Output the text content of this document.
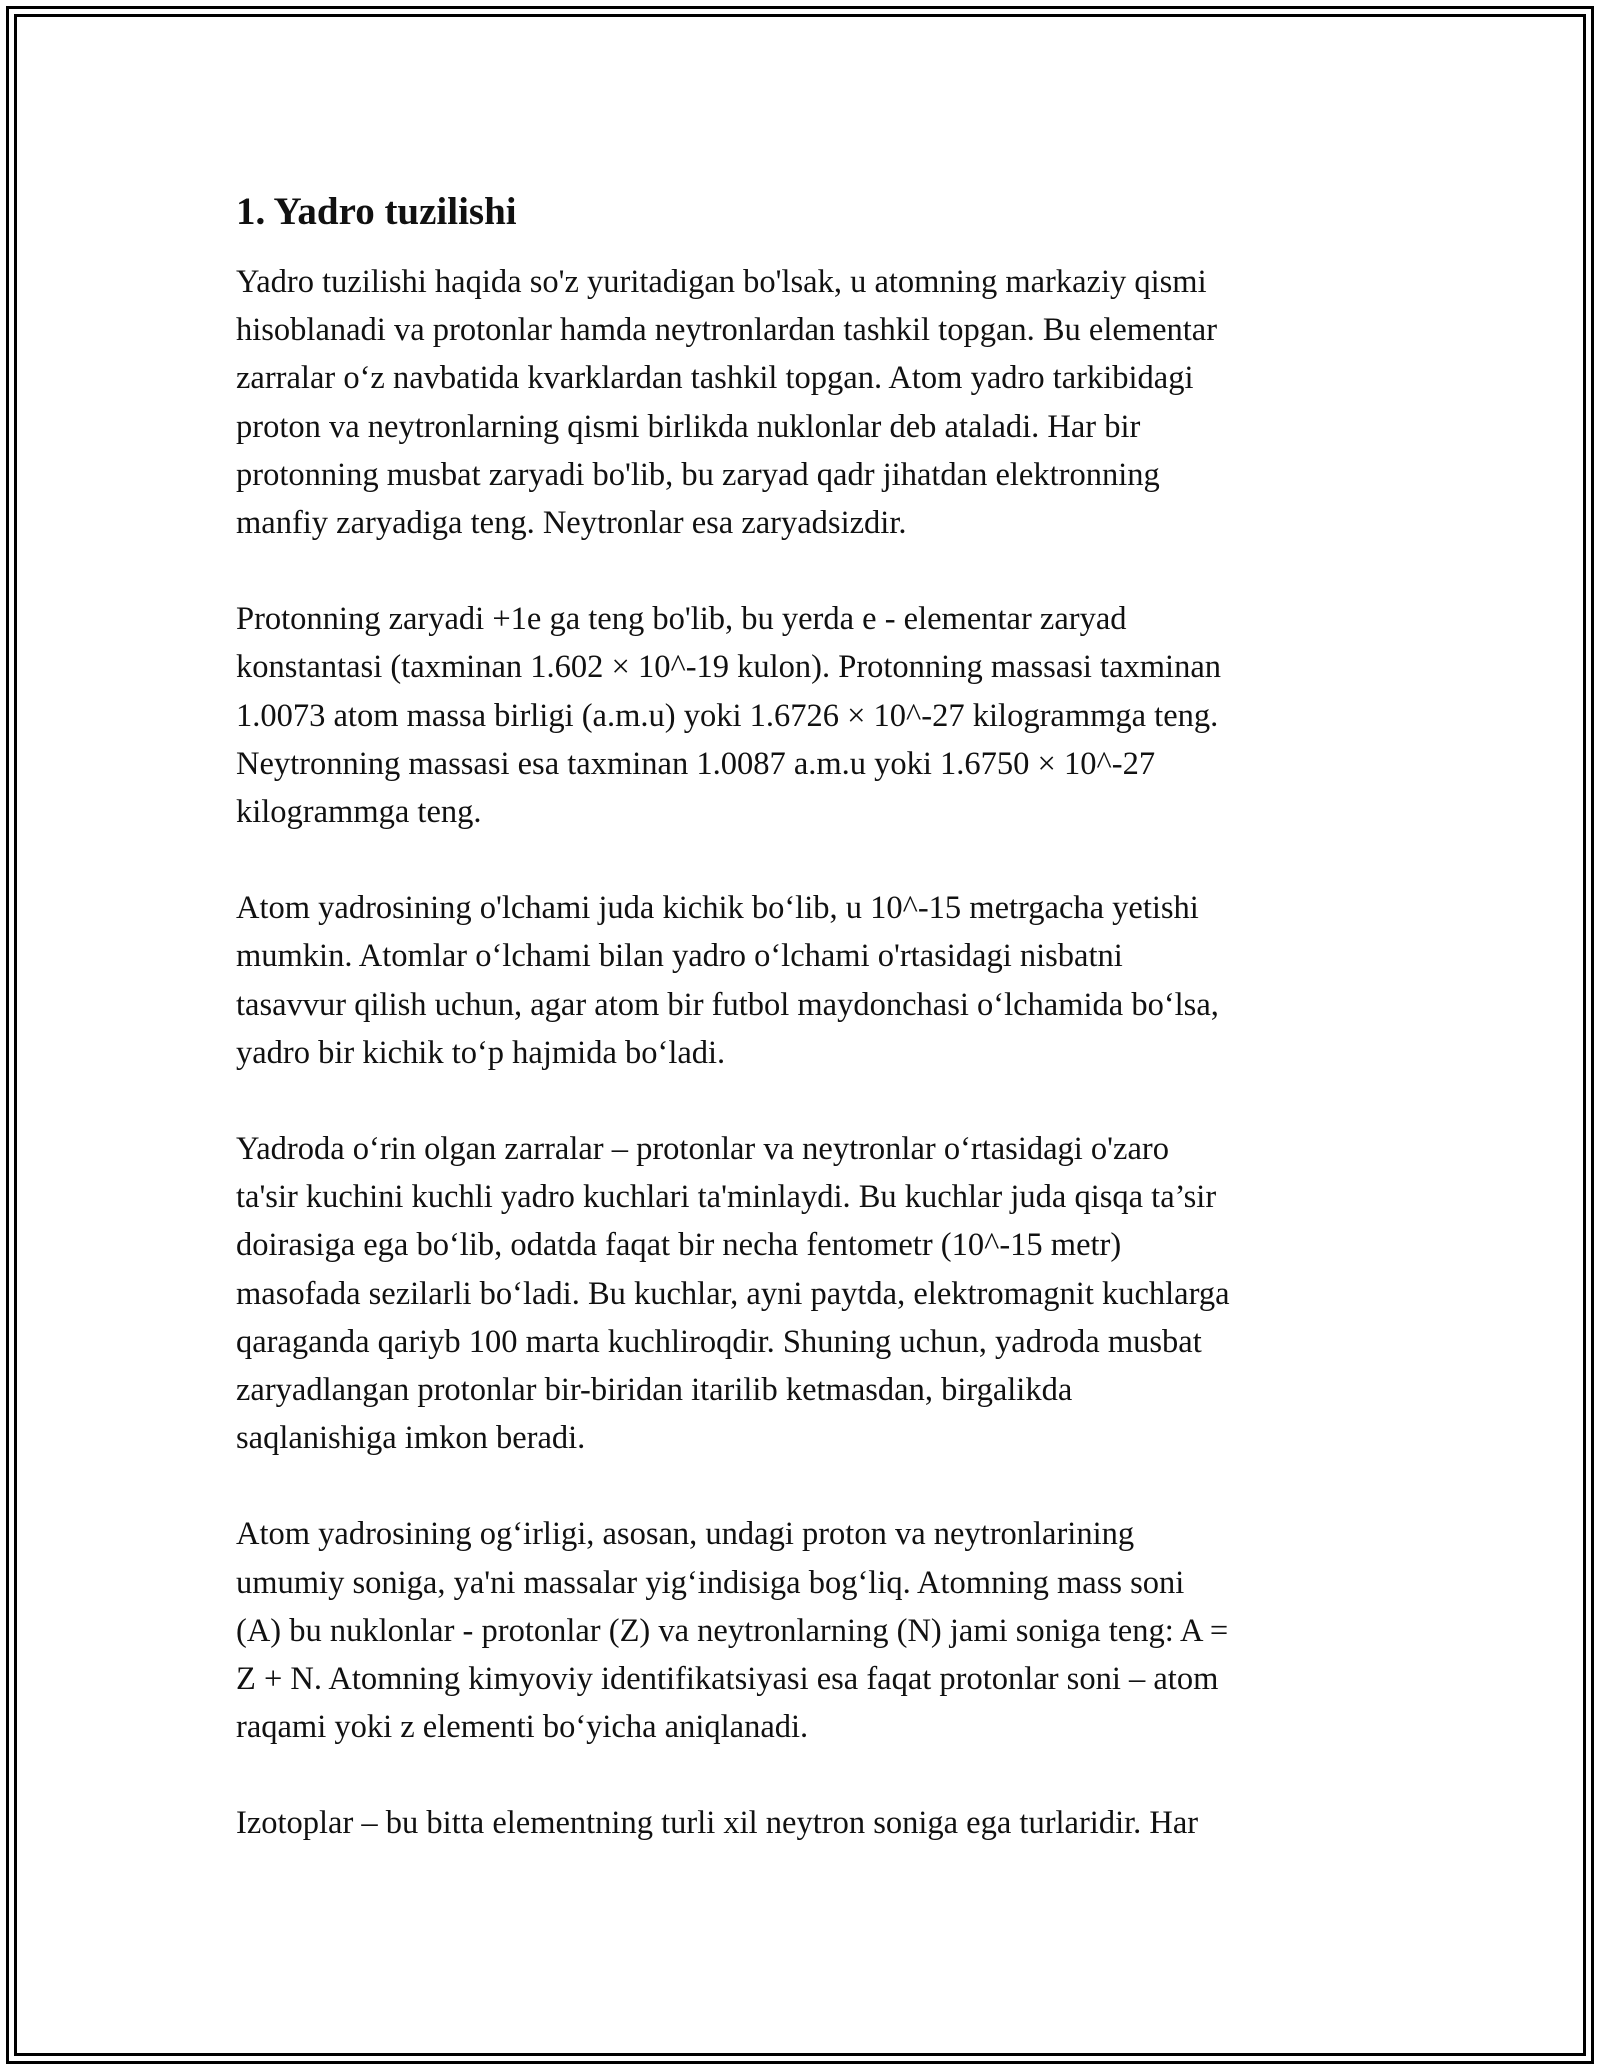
1. Yadro tuzilishi

Yadro tuzilishi haqida so'z yuritadigan bo'lsak, u atomning markaziy qismi
hisoblanadi va protonlar hamda neytronlardan tashkil topgan. Bu elementar
zarralar o‘z navbatida kvarklardan tashkil topgan. Atom yadro tarkibidagi
proton va neytronlarning qismi birlikda nuklonlar deb ataladi. Har bir
protonning musbat zaryadi bo'lib, bu zaryad qadr jihatdan elektronning
manfiy zaryadiga teng. Neytronlar esa zaryadsizdir.

Protonning zaryadi +1e ga teng bo'lib, bu yerda e - elementar zaryad
konstantasi (taxminan 1.602 × 10^-19 kulon). Protonning massasi taxminan
1.0073 atom massa birligi (a.m.u) yoki 1.6726 × 10^-27 kilogrammga teng.
Neytronning massasi esa taxminan 1.0087 a.m.u yoki 1.6750 × 10^-27
kilogrammga teng.

Atom yadrosining o'lchami juda kichik bo‘lib, u 10^-15 metrgacha yetishi
mumkin. Atomlar o‘lchami bilan yadro o‘lchami o'rtasidagi nisbatni
tasavvur qilish uchun, agar atom bir futbol maydonchasi o‘lchamida bo‘lsa,
yadro bir kichik to‘p hajmida bo‘ladi.

Yadroda o‘rin olgan zarralar – protonlar va neytronlar o‘rtasidagi o'zaro
ta'sir kuchini kuchli yadro kuchlari ta'minlaydi. Bu kuchlar juda qisqa ta’sir
doirasiga ega bo‘lib, odatda faqat bir necha fentometr (10^-15 metr)
masofada sezilarli bo‘ladi. Bu kuchlar, ayni paytda, elektromagnit kuchlarga
qaraganda qariyb 100 marta kuchliroqdir. Shuning uchun, yadroda musbat
zaryadlangan protonlar bir-biridan itarilib ketmasdan, birgalikda
saqlanishiga imkon beradi.

Atom yadrosining og‘irligi, asosan, undagi proton va neytronlarining
umumiy soniga, ya'ni massalar yig‘indisiga bog‘liq. Atomning mass soni
(A) bu nuklonlar - protonlar (Z) va neytronlarning (N) jami soniga teng: A =
Z + N. Atomning kimyoviy identifikatsiyasi esa faqat protonlar soni – atom
raqami yoki z elementi bo‘yicha aniqlanadi.

Izotoplar – bu bitta elementning turli xil neytron soniga ega turlaridir. Har
